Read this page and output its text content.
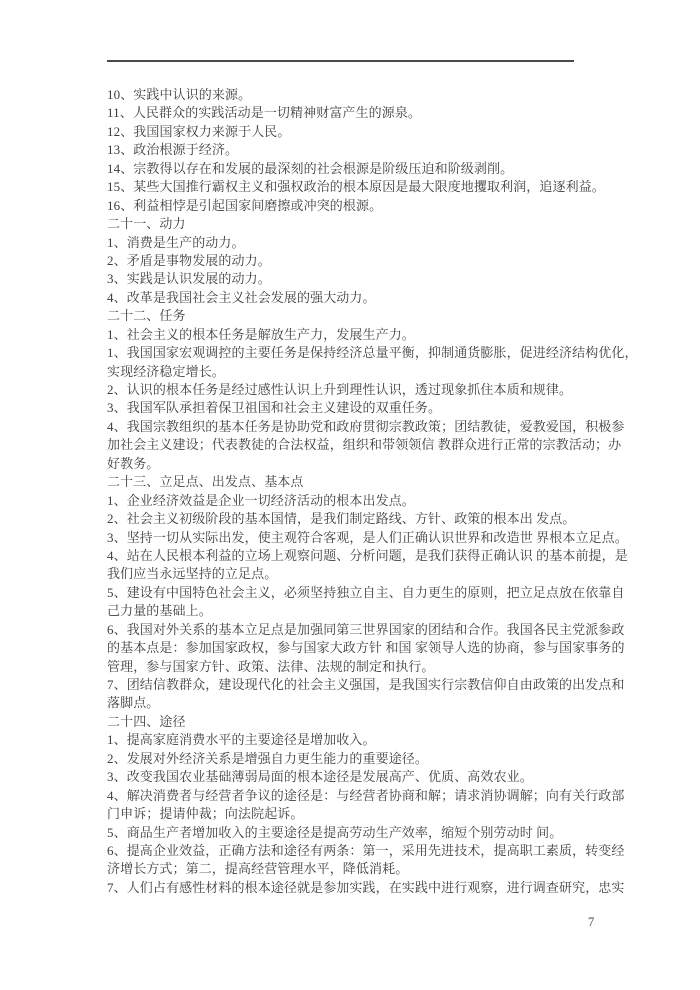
10、实践中认识的来源。
11、人民群众的实践活动是一切精神财富产生的源泉。
12、我国国家权力来源于人民。
13、政治根源于经济。
14、宗教得以存在和发展的最深刻的社会根源是阶级压迫和阶级剥削。
15、某些大国推行霸权主义和强权政治的根本原因是最大限度地攫取利润，追逐利益。
16、利益相悖是引起国家间磨擦或冲突的根源。
二十一、动力
1、消费是生产的动力。
2、矛盾是事物发展的动力。
3、实践是认识发展的动力。
4、改革是我国社会主义社会发展的强大动力。
二十二、任务
1、社会主义的根本任务是解放生产力，发展生产力。
1、我国国家宏观调控的主要任务是保持经济总量平衡，抑制通货膨胀，促进经济结构优化，
实现经济稳定增长。
2、认识的根本任务是经过感性认识上升到理性认识，透过现象抓住本质和规律。
3、我国军队承担着保卫祖国和社会主义建设的双重任务。
4、我国宗教组织的基本任务是协助党和政府贯彻宗教政策；团结教徒，爱教爱国，积极参
加社会主义建设；代表教徒的合法权益，组织和带领领信 教群众进行正常的宗教活动；办
好教务。
二十三、立足点、出发点、基本点
1、企业经济效益是企业一切经济活动的根本出发点。
2、社会主义初级阶段的基本国情，是我们制定路线、方针、政策的根本出 发点。
3、坚持一切从实际出发，使主观符合客观，是人们正确认识世界和改造世 界根本立足点。
4、站在人民根本利益的立场上观察问题、分析问题，是我们获得正确认识 的基本前提，是
我们应当永远坚持的立足点。
5、建设有中国特色社会主义，必须坚持独立自主、自力更生的原则，把立足点放在依靠自
己力量的基础上。
6、我国对外关系的基本立足点是加强同第三世界国家的团结和合作。我国各民主党派参政
的基本点是：参加国家政权，参与国家大政方针 和国 家领导人选的协商，参与国家事务的
管理，参与国家方针、政策、法律、法规的制定和执行。
7、团结信教群众，建设现代化的社会主义强国，是我国实行宗教信仰自由政策的出发点和
落脚点。
二十四、途径
1、提高家庭消费水平的主要途径是增加收入。
2、发展对外经济关系是增强自力更生能力的重要途径。
3、改变我国农业基础薄弱局面的根本途径是发展高产、优质、高效农业。
4、解决消费者与经营者争议的途径是：与经营者协商和解；请求消协调解；向有关行政部
门申诉；提请仲裁；向法院起诉。
5、商品生产者增加收入的主要途径是提高劳动生产效率，缩短个别劳动时 间。
6、提高企业效益，正确方法和途径有两条：第一，采用先进技术，提高职工素质，转变经
济增长方式；第二，提高经营管理水平，降低消耗。
7、人们占有感性材料的根本途径就是参加实践，在实践中进行观察，进行调查研究，忠实
7
